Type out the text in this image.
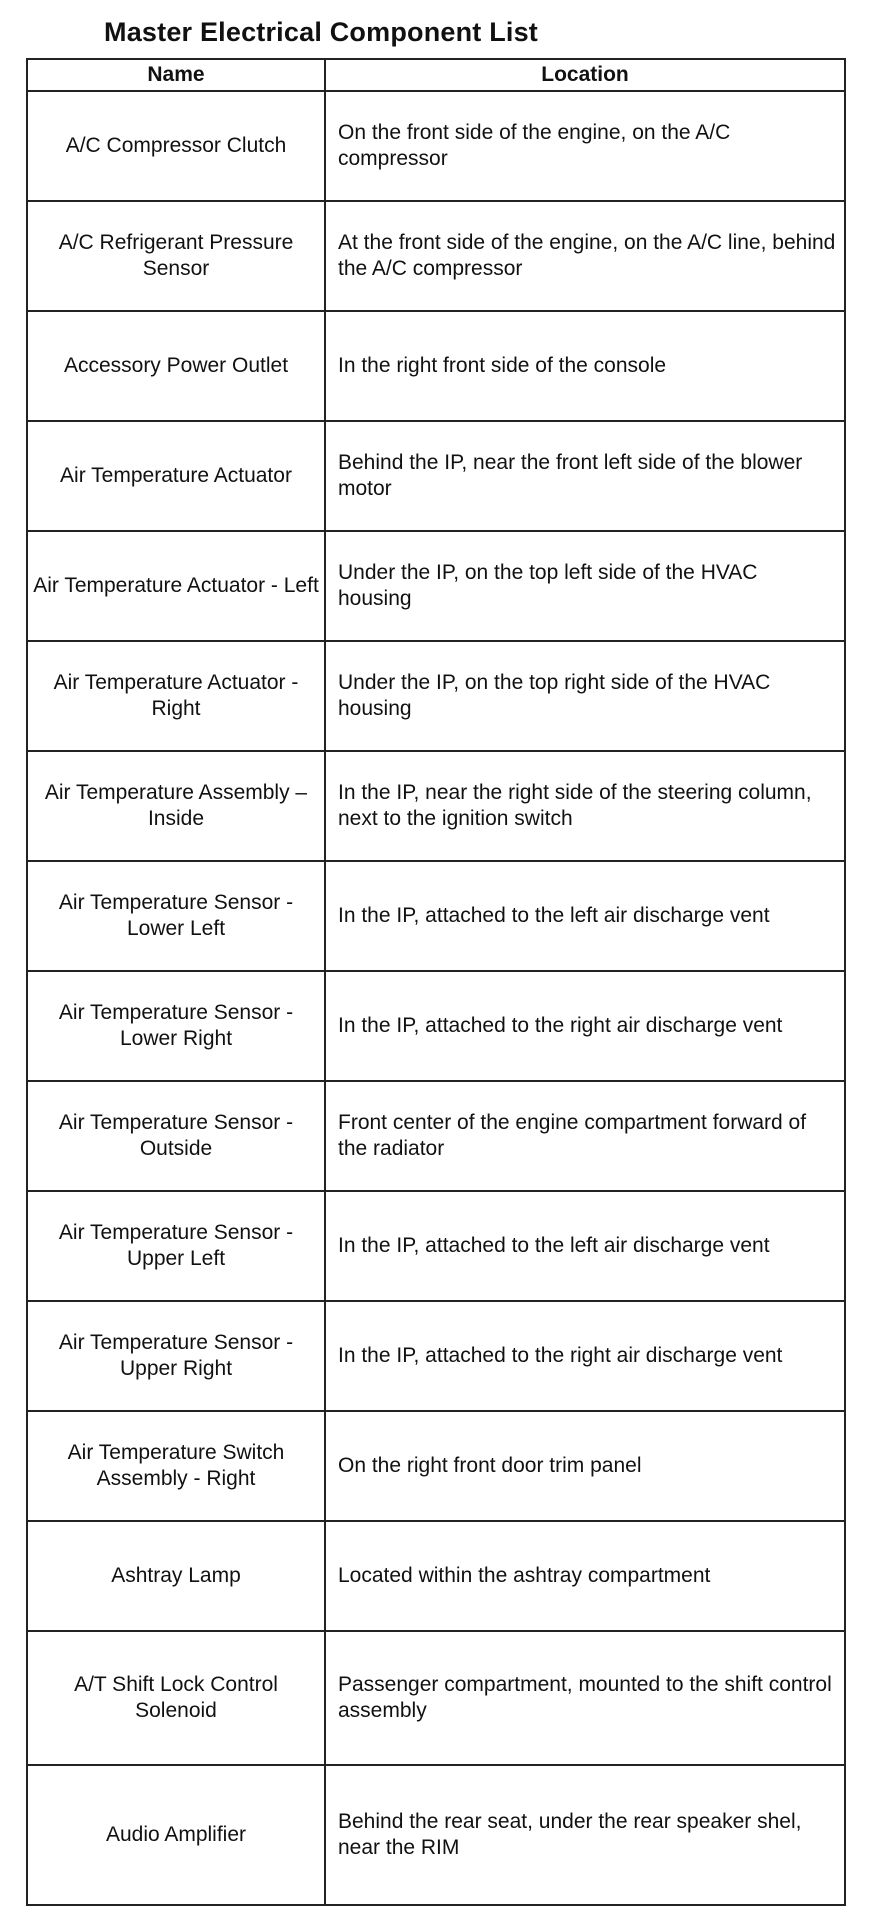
Master Electrical Component List
Name	Location
A/C Compressor Clutch	On the front side of the engine, on the A/C compressor
A/C Refrigerant Pressure Sensor	At the front side of the engine, on the A/C line, behind the A/C compressor
Accessory Power Outlet	In the right front side of the console
Air Temperature Actuator	Behind the IP, near the front left side of the blower motor
Air Temperature Actuator - Left	Under the IP, on the top left side of the HVAC housing
Air Temperature Actuator - Right	Under the IP, on the top right side of the HVAC housing
Air Temperature Assembly – Inside	In the IP, near the right side of the steering column, next to the ignition switch
Air Temperature Sensor - Lower Left	In the IP, attached to the left air discharge vent
Air Temperature Sensor - Lower Right	In the IP, attached to the right air discharge vent
Air Temperature Sensor - Outside	Front center of the engine compartment forward of the radiator
Air Temperature Sensor - Upper Left	In the IP, attached to the left air discharge vent
Air Temperature Sensor - Upper Right	In the IP, attached to the right air discharge vent
Air Temperature Switch Assembly - Right	On the right front door trim panel
Ashtray Lamp	Located within the ashtray compartment
A/T Shift Lock Control Solenoid	Passenger compartment, mounted to the shift control assembly
Audio Amplifier	Behind the rear seat, under the rear speaker shel, near the RIM
